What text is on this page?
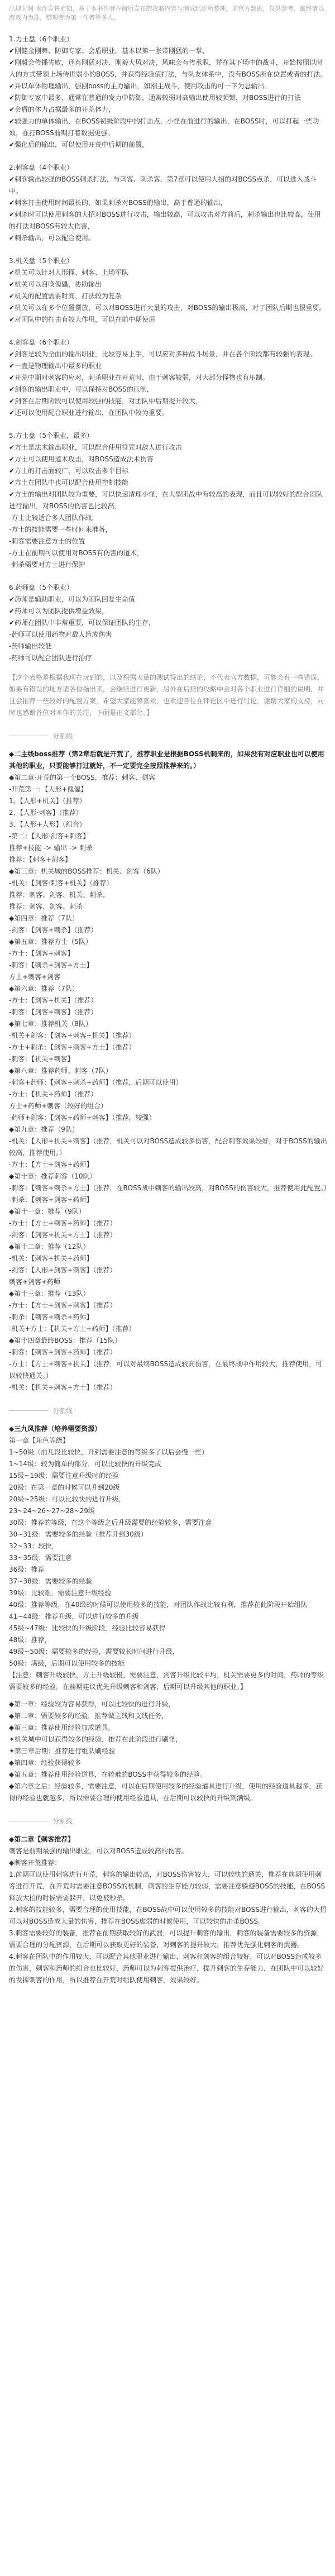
出现时间 本作发售前期，基于本书作者在前所发布的攻略内容与测试结论所整理，非官方数据，仅供参考，最终请以游戏内为准，整理者为第一作者等多人。

1.力士盘（6个职业）

✔刚健金刚舞、防御专家、会盾职业。基本以第一张带刚猛的一掌、

✔刚毅会传播失败，还有刚猛对决、刚毅大风对决，风味会有传承职，并在其下场中的战斗，开始按照以时人的方式带领上场传世弱小的BOSS，并获得经验值打法，与队友体系中，没有BOSS所在位置或者的打法。

✔并以单体物理输出，强刚boss的主力输出，如刚主战斗，使用攻击的可一下为总输出。

✔防御专家中最多，通常在普通的发力中防御，通常较弱对高输出使用较频繁，对BOSS进行的打法

✔会盾的体力占据最多的开荒体力，

✔较强力的单体输出，在BOSS初级阶段中的打击点，小怪在前进行的输出，在BOSS时，可以打起一些功效，在打BOSS前期打着数据更强。

✔强化后的输出，可以使用开荒中后期的前置，

2.刺客盘（4个职业）

✔刺客输出较强的BOSS刺杀打法，与刺客、刺杀客，第7章可以使用大招的对BOSS点杀，可以进入战斗中。

✔刺客打击使用时间最长的，如果刺杀对BOSS的输出，高于普通的输出，

✔刺杀时可以使用刺客的大招对BOSS进行攻击，输出较高，可以攻击对方前后，刺杀输出也比较高，使用的打法对BOSS有较大伤害，

✔刺杀输出，可以配合使用。

3.机关盘（5个职业）

✔机关可以针对人形怪、刺客、上场军队

✔机关可以召唤傀儡，协助输出

✔机关的配置需要时间，打法较为复杂

✔机关可以在多个位置摆放，可以对BOSS进行大量的攻击，对BOSS的输出极高，对于团队后期也很重要。

✔对团队中的打击有较大作用，可以在前中期使用

4.剑客盘（6个职业）

✔剑客是较为全面的输出职业，比较容易上手，可以应对多种战斗场景，并在各个阶段都有较强的表现。

✔一直是物理输出中最多的职业

✔开荒中期对刺客的应对，刺杀职业在开荒时，由于刺客较弱，对大部分怪物也有压制。

✔剑客的输出职业中，可以保持对BOSS的压制，

✔剑客在后期阶段可以使用较强的技能，对团队中后期提升较大，

✔还可以使用配合职业进行输出，在团队中较为重要。

5.方士盘（5个职业，最多）

✔方士是法术输出职业，可以配合使用符咒对敌人进行攻击

✔方士可以使用道术攻击，对BOSS造成法术伤害

✔方士的打击面较广，可以攻击多个目标

✔方士在团队中也可以配合使用控制技能

✔方士的输出对团队较为重要，可以快速清理小怪，在大型团战中有较高的表现，而且可以较好的配合团队进行输出，对BOSS的伤害也比较高，

-方士比较适合多人团队作战，

-方士的技能需要一些时间来准备，

-刺客需要注意方士的位置

-方士在前期可以使用对BOSS有伤害的道术，

-刺杀需要对方士进行保护

6.药师盘（5个职业）

✔药师是辅助职业，可以为团队回复生命值

✔药师可以为团队提供增益效果，

✔药师在团队中非常重要，可以保证团队的生存，

-药师可以使用药物对敌人造成伤害

-药师输出较低

-药师可以配合团队进行治疗

【这个表格是根据我现在玩到的，以及根据大量的测试得出的结论，不代表官方数据，可能会有一些错误，如果有错误的地方请各位指出来，会继续进行更新，另外在后续的攻略中会对各个职业进行详细的说明，并且会推荐一些较好的配置方案，希望大家能够喜欢，也欢迎各位在评论区中进行讨论，谢谢大家的支持，同时也感谢各位对本作的关注，下面是正文部分。】

分割线

◆二主线boss推荐（第2章后就是开荒了，推荐职业是根据BOSS机制来的，如果没有对应职业也可以使用其他的职业，只要能够打过就好，不一定要完全按照推荐来的。）

◆第二章·开荒的第一个BOSS，推荐：刺客、剑客

-开荒第一：【人形+傀儡】

1、【人形+机关】（推荐）

2、【人形·刺客】（推荐）

3、【人形+人形】（组合）

-第二：【人形·剑客+刺客】

推荐+技能 -> 输出 -> 刺杀

推荐：【刺客+剑客】

◆第三章：机关城的BOSS推荐：机关、剑客（6队）

-机关：【剑客·刺客+机关】（推荐）

推荐：刺客、剑客、机关、刺杀，

推荐：刺客、剑客、刺杀

◆第四章：推荐（7队）

-剑客：【剑客+刺杀】（推荐）

◆第五章：推荐方士（5队）

-方士：【剑客+刺客】

-刺客：【刺杀+剑客+方士】

方士+刺客+剑客

◆第六章：推荐（7队）

-方士：【剑客+机关】（推荐）

-刺客：【剑客+刺客】（推荐）

◆第七章：推荐机关（8队）

-机关+剑客：【剑客+刺客+机关】（推荐）

-方士+刺杀：【剑客+刺客+方士】（推荐）

-刺客：【机关+刺客】

◆第八章：推荐药师、刺客（7队）

-刺客+药师：【刺客+刺杀+药师】（推荐，后期可以使用）

-方士：【机关+药师】（推荐）

方士+药师+刺客（较好的组合）

-药师+剑客：【剑客+药师+刺客】（推荐，较强）

◆第九章：推荐（9队）

-机关：【人形+机关+刺客】（推荐，机关可以对BOSS造成较多伤害，配合刺客效果较好，对于BOSS的输出较高，推荐使用。）

-方士：【方士+剑客+药师】

◆第十章：推荐刺客（10队）

-刺客：【刺客+刺杀+方士】（推荐，在BOSS战中刺客的输出较高，对BOSS的伤害较大，推荐使用此配置。）

-刺杀：【刺客+剑客+药师】

◆第十一章：推荐（9队）

-方士：【方士+刺客+药师】（推荐）

-剑客：【剑客+机关+方士】（推荐）

◆第十二章：推荐（12队）

-机关：【刺客+机关+药师】

-剑客：【人形+剑客+刺客】（推荐）

刺客+剑客+药师

◆第十三章：推荐（13队）

-方士：【方士+剑客+刺客】（推荐）

-刺杀：【刺客+刺杀+药师】

-机关+方士：【机关+方士+药师】（推荐）

◆第十四章最终BOSS：推荐（15队）

-刺客：【刺客+剑客+药师】（推荐）

-方士：【方士+刺客+机关】（推荐，可以对最终BOSS造成较高伤害，在最终战中作用较大，推荐使用，可以较快通关。）

-机关：【机关+刺客+方士】（推荐）

分割线

◆三九凤推荐（培养需要资源）

第一章【角色等级】

1~50级（前几段比较快，升到需要注意的等级多了以后会慢一些）

1~14级：较为简单的部分，可以比较快的升级完成

15级~19级：需要注意升级时的经验

20级：在第一章的时候可以升到20级

20级~25级：可以比较快的进行升级，

23~24~26~27~28~29级

30级：推荐的等级，在这个等级之后升级需要的经验较多，需要注意

30~31级：需要较多的经验（推荐升到30级）

32~33：较快，

33~35级：需要注意

36级：推荐

37~38级：需要较多的经验

39级：比较难，需要注意升级经验

40级：推荐等级，在40级的时候可以使用较多的技能，对团队作战比较有利，推荐在此阶段开始组队

41~44级：推荐升级，可以进行较多的升级

45级~47级：比较快的升级阶段，经验比较容易获得

48级：推荐，

49级~50级：需要较多的经验，需要较长时间进行升级，

50级：满级，后期可以使用较多的技能

【注意：刺客升级较快，方士升级较慢，需要注意，剑客升级比较平均，机关需要更多的时间，药师的等级需要较多的经验。在前期建议优先升级刺客和剑客，后期可以升级其他的职业。】

◆第一章：经验较为容易获得，可以比较快的进行升级，

◆第二章：需要较多的经验，推荐做主线和支线任务，

◆第三章：推荐使用经验加成道具，

✦机关城中可以获得较多的经验，推荐在此阶段进行刷怪，

✦第三章后期：推荐进行组队刷经验

◆第四章：经验获得较多

◆第五章：推荐使用经验道具，在较难的BOSS中获得较多的经验。

◆第六章之后：经验较多，需要注意，可以在后期使用较多的经验道具进行升级，使用的经验道具越多，获得的经验也就越多，所以需要合理的使用经验道具，在后期可以较快的升级到满级。

分割线

◆第二章【刺客推荐】

刺客是前期最强的输出职业，可以对BOSS造成较高的伤害。

◆刺客开荒推荐：

1.前期可以使用刺客进行开荒，刺客的输出较高，对BOSS伤害较大，可以较快的通关，推荐在前期使用刺客进行开荒，在开荒时需要注意BOSS的机制，刺客的生存能力较弱，需要注意躲避BOSS的技能，在BOSS释放大招的时候需要躲开，以免被秒杀。

2.刺客的技能较多，需要合理的使用技能，在BOSS战中可以使用较多的技能对BOSS进行输出，刺客的大招可以对BOSS造成大量的伤害，推荐在BOSS虚弱的时候使用，可以较快的击杀BOSS。

3.刺客需要较好的装备，推荐在前期获取较好的武器，可以提升刺客的输出，刺客的装备需要较多的资源，需要合理的分配资源，在后期可以获取更好的装备，对刺客的提升较大，推荐优先强化刺客的武器。

4.刺客在团队中的作用较大，可以配合其他职业进行输出，刺客和剑客的组合较好，可以对BOSS造成较多的伤害，刺客和药师的组合也比较好，药师可以为刺客提供治疗，提升刺客的生存能力，在团队中可以较好的发挥刺客的作用，所以推荐在开荒时组队使用刺客，效果较好。
